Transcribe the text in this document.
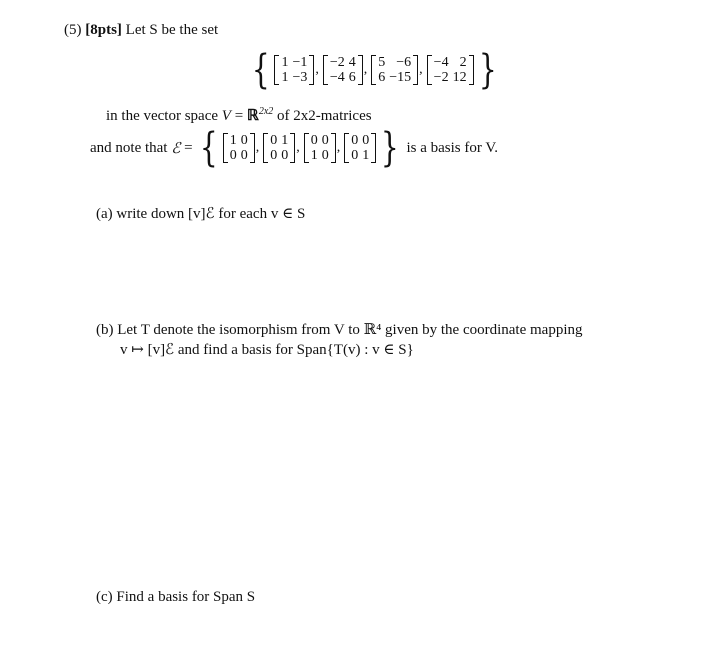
(5) [8pts] Let S be the set
{ 1	−1
1	−3
, −2	4
−4	6
, 5	−6
6	−15
, −4	2
−2	12 }
in the vector space V = ℝ$^{2x2}$ of 2x2-matrices
and note that
ℰ
=
{ 1	0
0	0
, 0	1
0	0
, 0	0
1	0
, 0	0
0	1 }
is a basis for V.
(a) write down [v]ℰ for each v ∈ S
(b) Let T denote the isomorphism from V to ℝ⁴ given by the coordinate mapping
v ↦ [v]ℰ and find a basis for Span{T(v) : v ∈ S}
(c) Find a basis for Span S
